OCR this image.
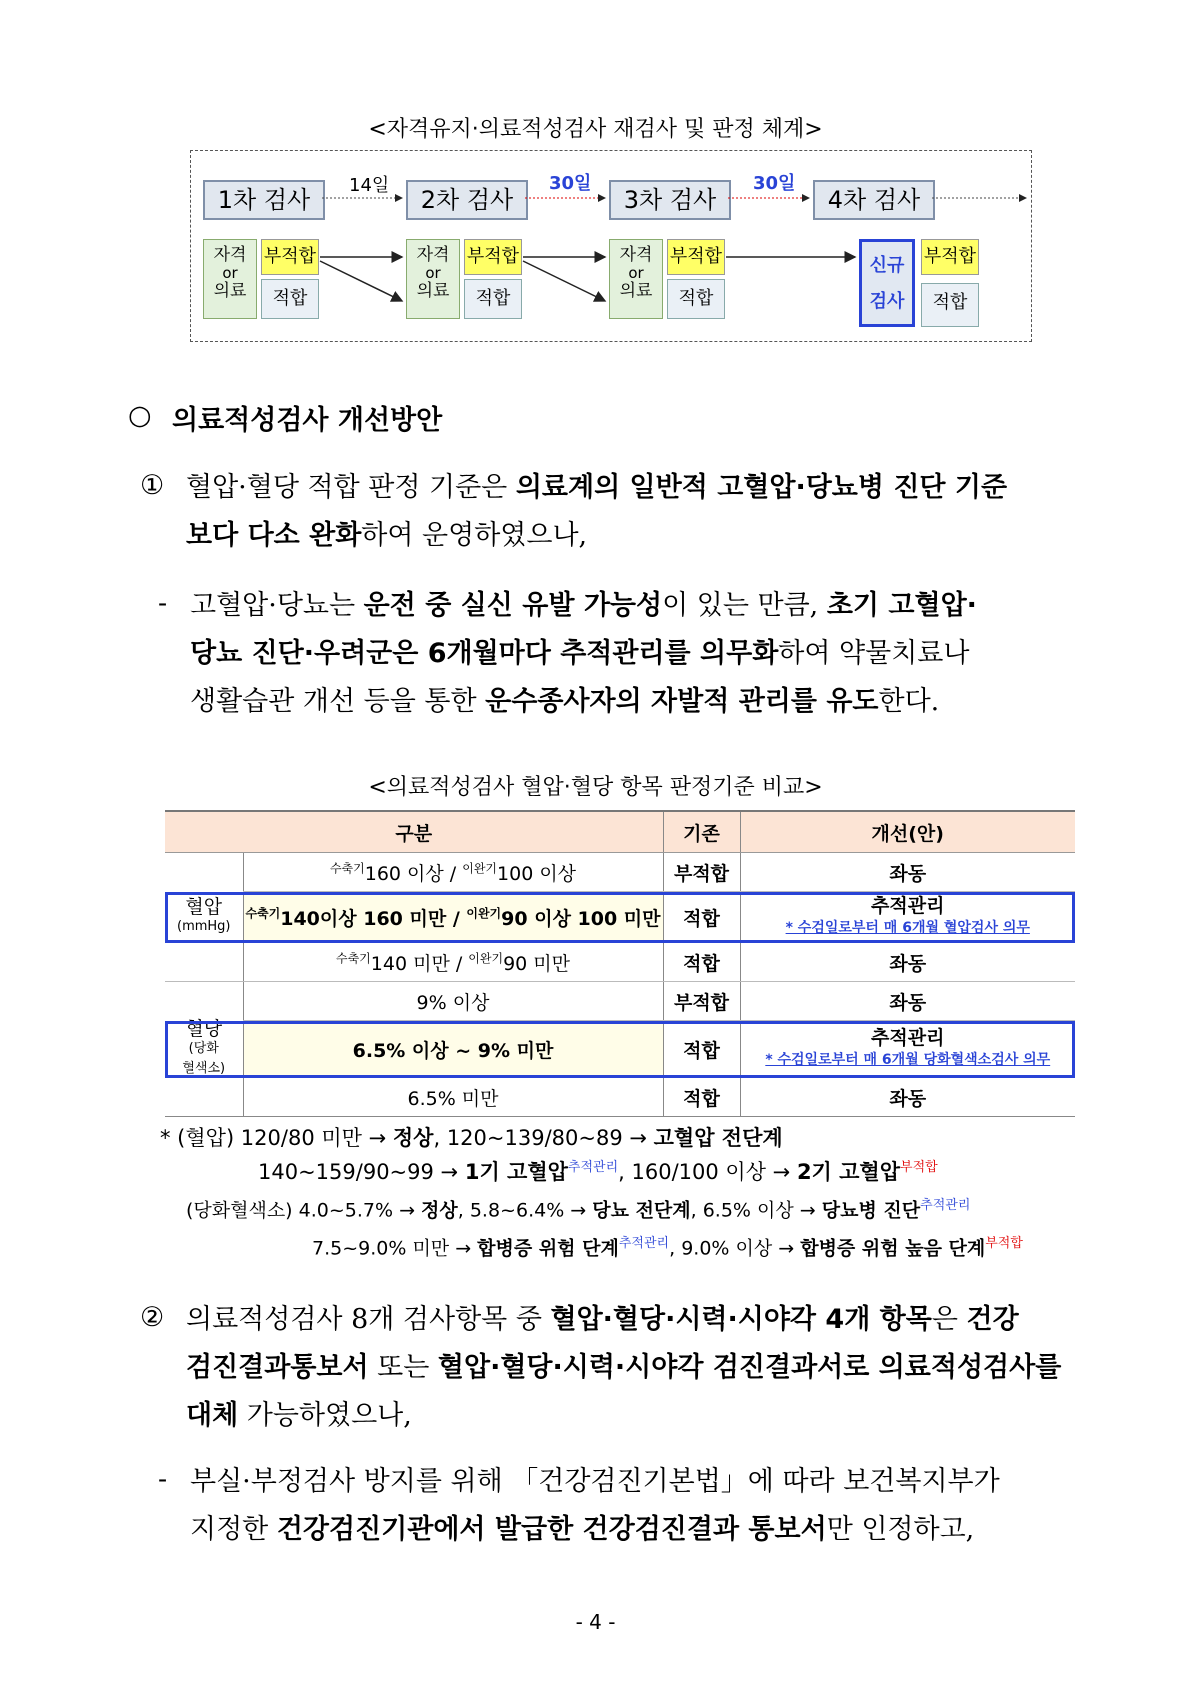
<자격유지·의료적성검사 재검사 및 판정 체계>
1차 검사	2차 검사	3차 검사	4차 검사
14일	30일	30일
자격
or
의료
부적합
적합
자격
or
의료
부적합
적합
자격
or
의료
부적합
적합
신규
검사
부적합
적합
○ 의료적성검사 개선방안
① 혈압·혈당 적합 판정 기준은 의료계의 일반적 고혈압·당뇨병 진단 기준
보다 다소 완화하여 운영하였으나,
- 고혈압·당뇨는 운전 중 실신 유발 가능성이 있는 만큼, 초기 고혈압·
당뇨 진단·우려군은 6개월마다 추적관리를 의무화하여 약물치료나
생활습관 개선 등을 통한 운수종사자의 자발적 관리를 유도한다.
<의료적성검사 혈압·혈당 항목 판정기준 비교>
구분		기존	개선(안)

혈압
(mmHg)	$^{수축기}$160 이상 / $^{이완기}$100 이상	부적합	좌동
	$^{수축기}$140이상 160 미만 / $^{이완기}$90 이상 100 미만	적합	추적관리
* 수검일로부터 매 6개월 혈압검사 의무

	$^{수축기}$140 미만 / $^{이완기}$90 미만	적합	좌동

혈당
(당화
혈색소)	9% 이상	부적합	좌동
	6.5% 이상 ~ 9% 미만	적합	추적관리
* 수검일로부터 매 6개월 당화혈색소검사 의무

	6.5% 미만	적합	좌동
* (혈압) 120/80 미만 → 정상, 120~139/80~89 → 고혈압 전단계
140~159/90~99 → 1기 고혈압$^{추적관리}$, 160/100 이상 → 2기 고혈압$^{부적합}$
(당화혈색소) 4.0~5.7% → 정상, 5.8~6.4% → 당뇨 전단계, 6.5% 이상 → 당뇨병 진단$^{추적관리}$
7.5~9.0% 미만 → 합병증 위험 단계$^{추적관리}$, 9.0% 이상 → 합병증 위험 높음 단계$^{부적합}$
② 의료적성검사 8개 검사항목 중 혈압·혈당·시력·시야각 4개 항목은 건강
검진결과통보서 또는 혈압·혈당·시력·시야각 검진결과서로 의료적성검사를
대체 가능하였으나,
- 부실·부정검사 방지를 위해 「건강검진기본법」에 따라 보건복지부가
지정한 건강검진기관에서 발급한 건강검진결과 통보서만 인정하고,
- 4 -
